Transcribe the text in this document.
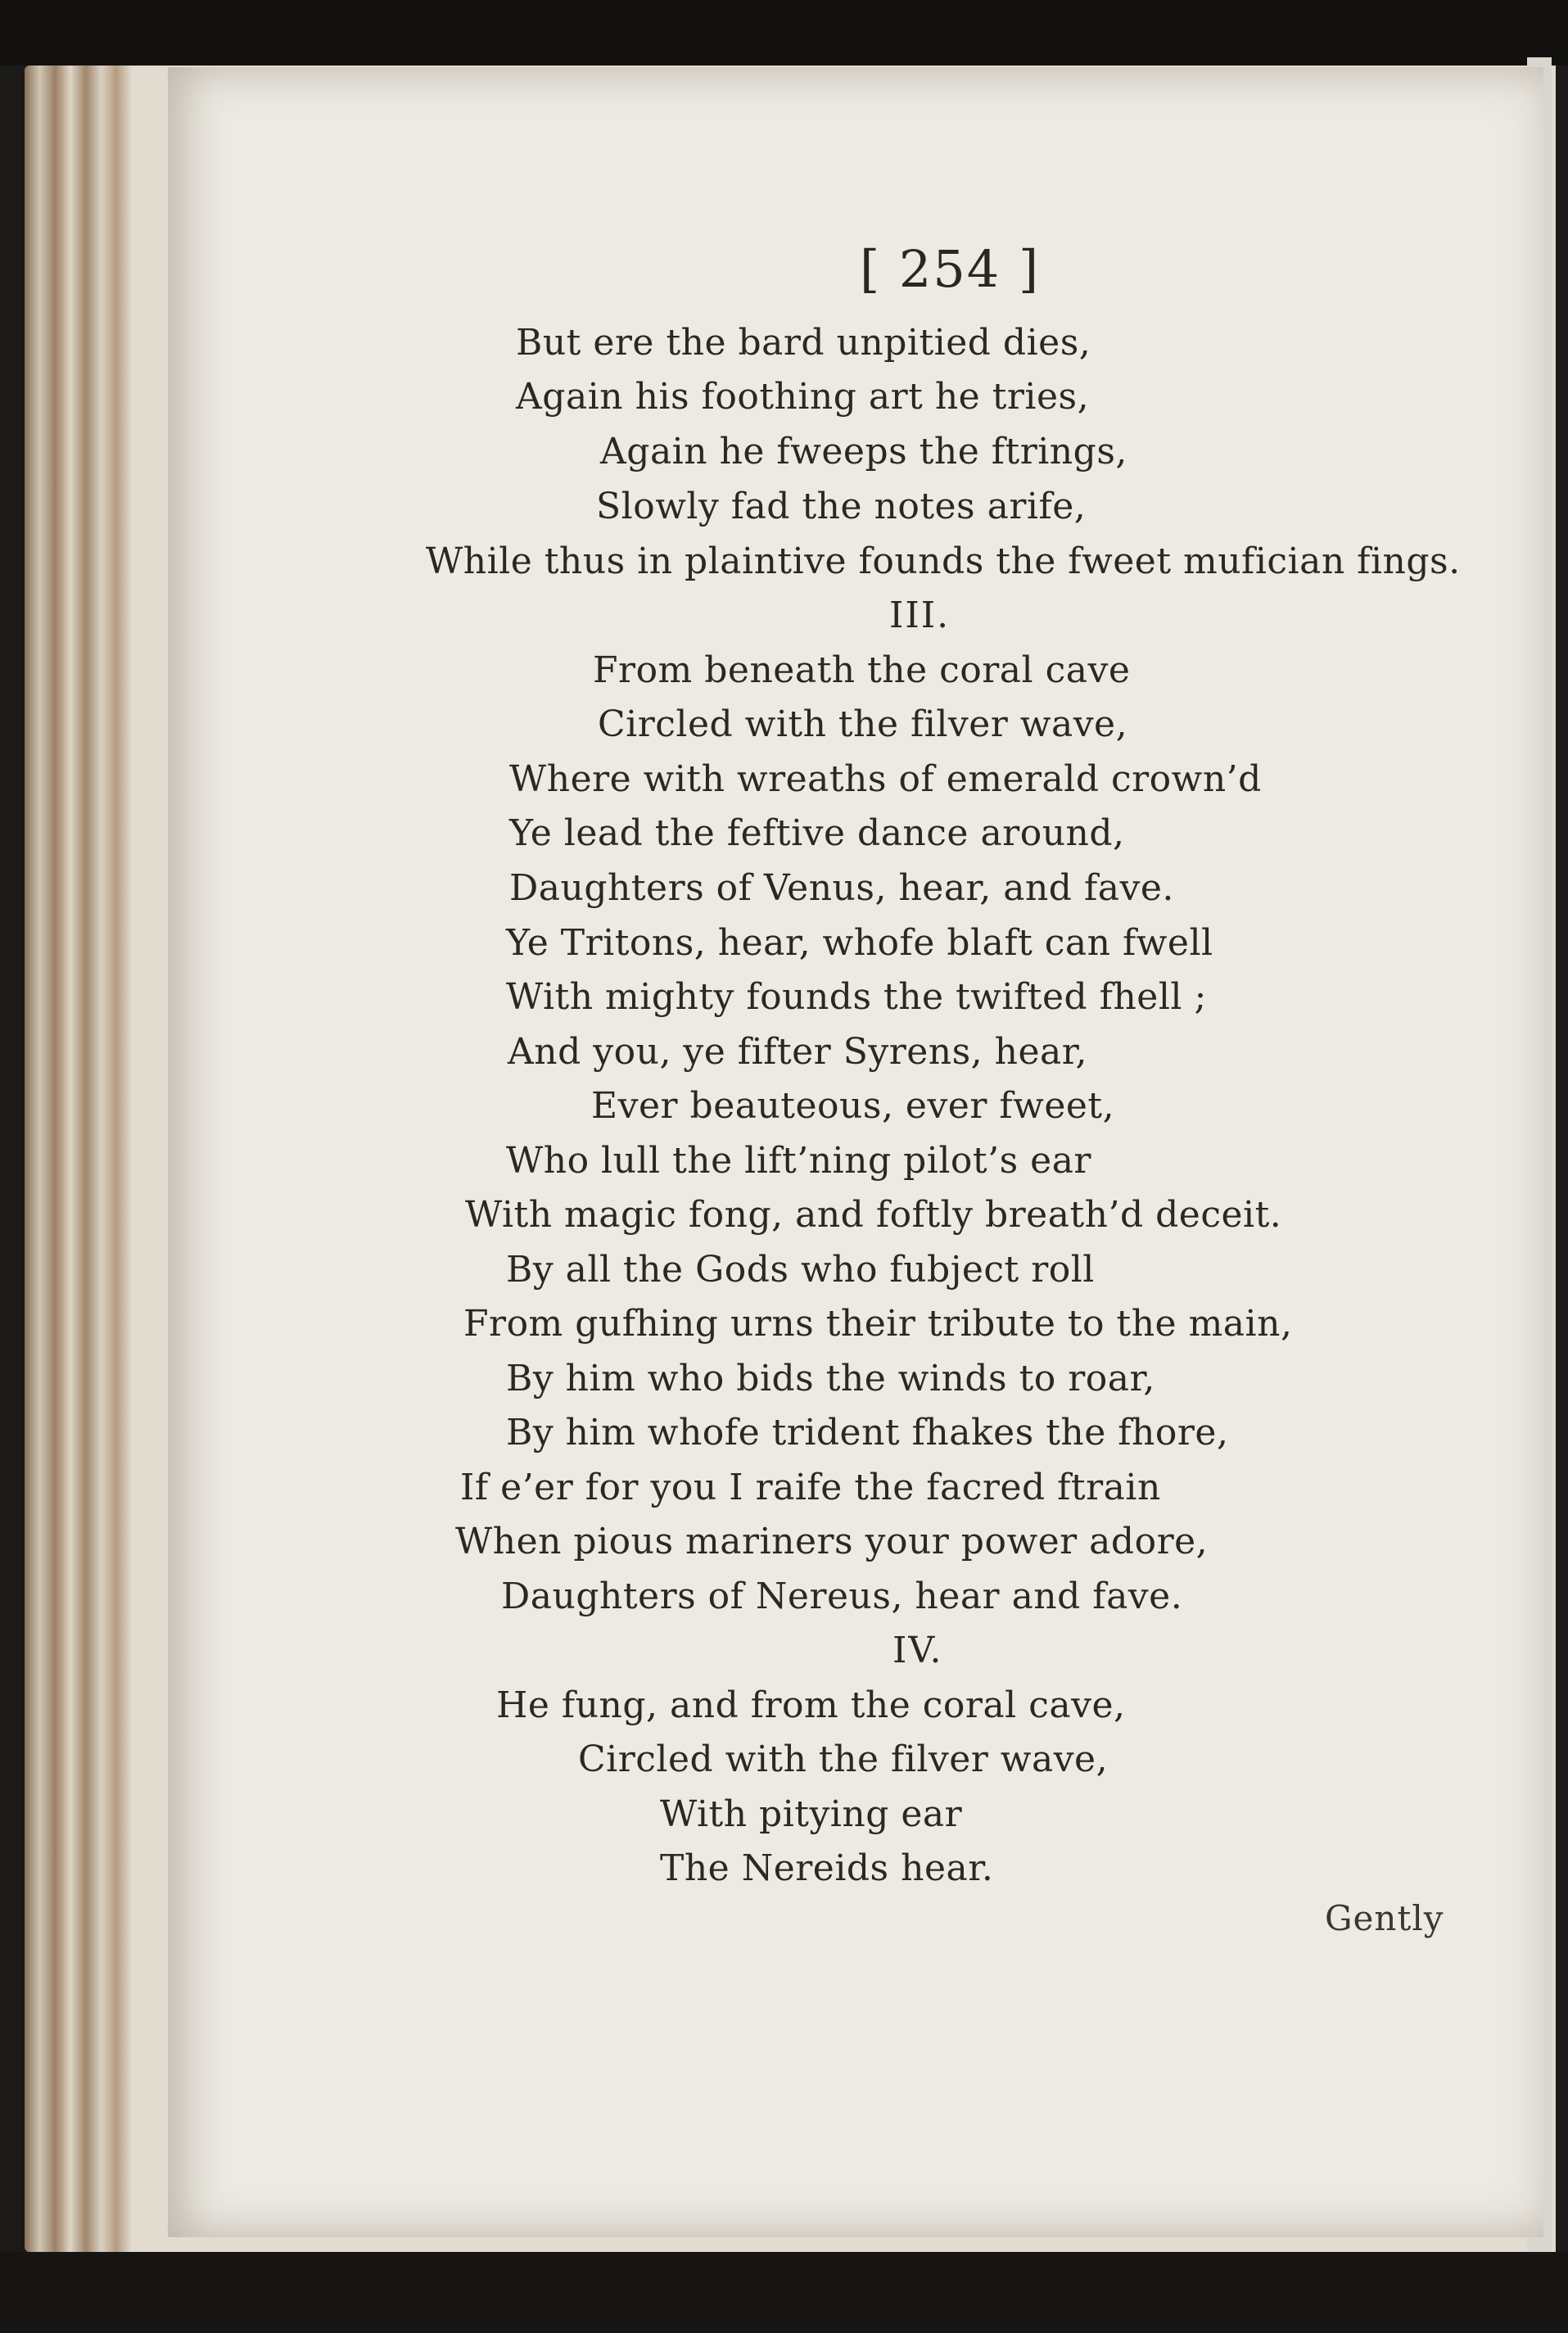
[ 254 ]
But ere the bard unpitied dies,
Again his foothing art he tries,
Again he fweeps the ftrings,
Slowly fad the notes arife,
While thus in plaintive founds the fweet mufician fings.
III.
From beneath the coral cave
Circled with the filver wave,
Where with wreaths of emerald crown’d
Ye lead the feftive dance around,
Daughters of Venus, hear, and fave.
Ye Tritons, hear, whofe blaft can fwell
With mighty founds the twifted fhell ;
And you, ye fifter Syrens, hear,
Ever beauteous, ever fweet,
Who lull the lift’ning pilot’s ear
With magic fong, and foftly breath’d deceit.
By all the Gods who fubject roll
From gufhing urns their tribute to the main,
By him who bids the winds to roar,
By him whofe trident fhakes the fhore,
If e’er for you I raife the facred ftrain
When pious mariners your power adore,
Daughters of Nereus, hear and fave.
IV.
He fung, and from the coral cave,
Circled with the filver wave,
With pitying ear
The Nereids hear.
Gently
